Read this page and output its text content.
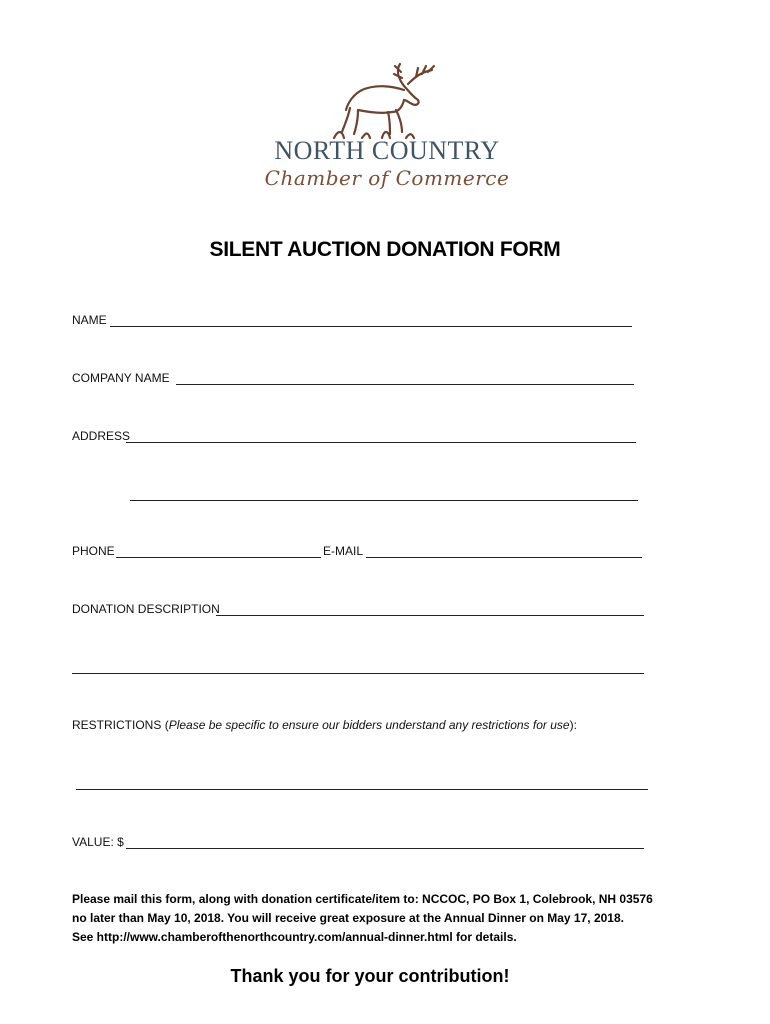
NORTH COUNTRY
Chamber of Commerce
SILENT AUCTION DONATION FORM
NAME
COMPANY NAME
ADDRESS
PHONE	E-MAIL
DONATION DESCRIPTION
RESTRICTIONS (Please be specific to ensure our bidders understand any restrictions for use):
VALUE: $
Please mail this form, along with donation certificate/item to: NCCOC, PO Box 1, Colebrook, NH 03576
no later than May 10, 2018. You will receive great exposure at the Annual Dinner on May 17, 2018.
See http://www.chamberofthenorthcountry.com/annual-dinner.html for details.
Thank you for your contribution!
